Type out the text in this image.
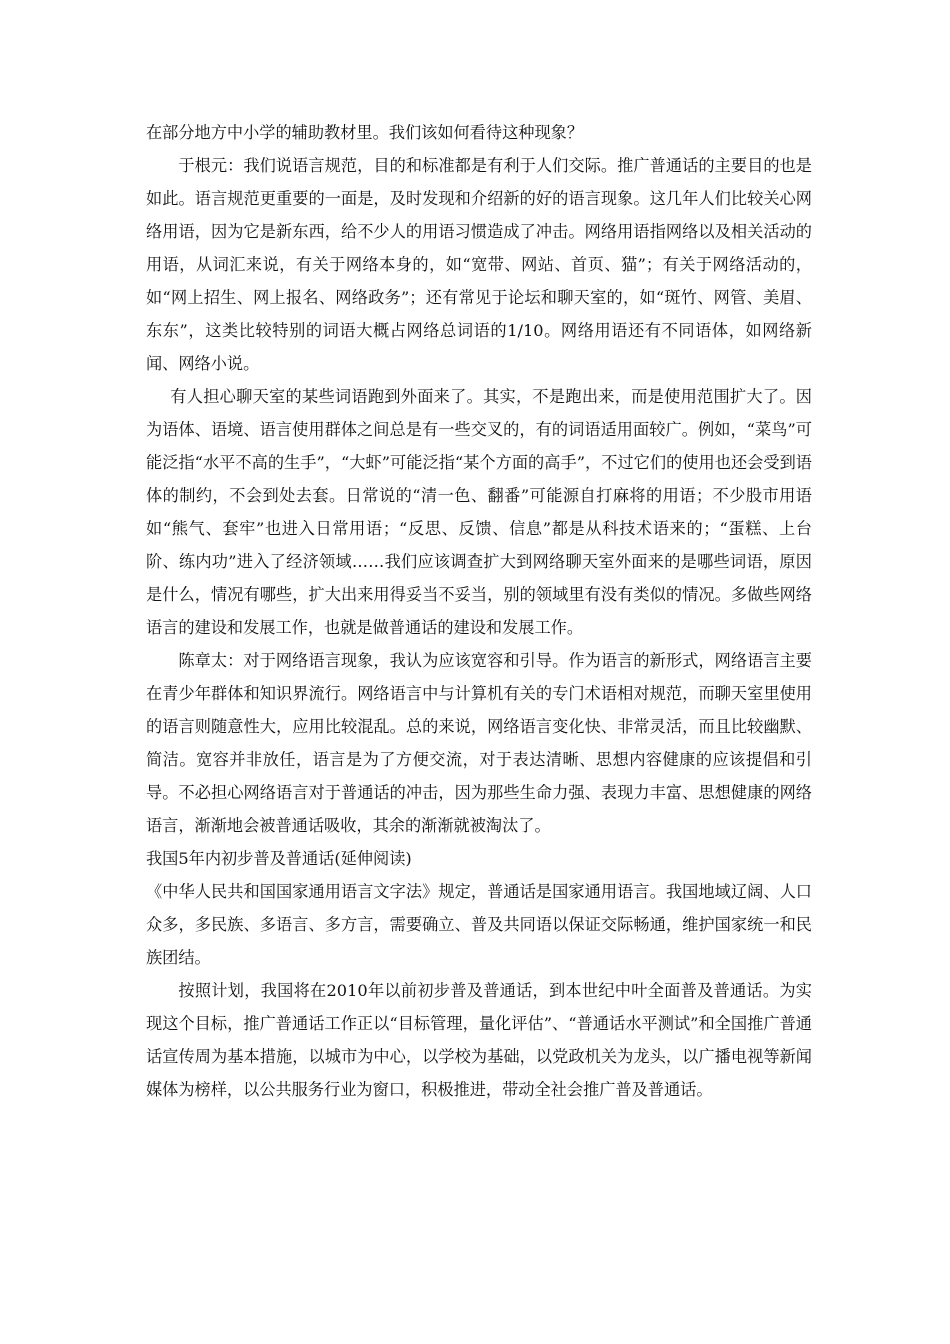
在部分地方中小学的辅助教材里。我们该如何看待这种现象？

于根元：我们说语言规范，目的和标准都是有利于人们交际。推广普通话的主要目的也是如此。语言规范更重要的一面是，及时发现和介绍新的好的语言现象。这几年人们比较关心网络用语，因为它是新东西，给不少人的用语习惯造成了冲击。网络用语指网络以及相关活动的用语，从词汇来说，有关于网络本身的，如“宽带、网站、首页、猫”；有关于网络活动的，如“网上招生、网上报名、网络政务”；还有常见于论坛和聊天室的，如“斑竹、网管、美眉、东东”，这类比较特别的词语大概占网络总词语的1/10。网络用语还有不同语体，如网络新闻、网络小说。

有人担心聊天室的某些词语跑到外面来了。其实，不是跑出来，而是使用范围扩大了。因为语体、语境、语言使用群体之间总是有一些交叉的，有的词语适用面较广。例如，“菜鸟”可能泛指“水平不高的生手”，“大虾”可能泛指“某个方面的高手”，不过它们的使用也还会受到语体的制约，不会到处去套。日常说的“清一色、翻番”可能源自打麻将的用语；不少股市用语如“熊气、套牢”也进入日常用语；“反思、反馈、信息”都是从科技术语来的；“蛋糕、上台阶、练内功”进入了经济领域……我们应该调查扩大到网络聊天室外面来的是哪些词语，原因是什么，情况有哪些，扩大出来用得妥当不妥当，别的领域里有没有类似的情况。多做些网络语言的建设和发展工作，也就是做普通话的建设和发展工作。

陈章太：对于网络语言现象，我认为应该宽容和引导。作为语言的新形式，网络语言主要在青少年群体和知识界流行。网络语言中与计算机有关的专门术语相对规范，而聊天室里使用的语言则随意性大，应用比较混乱。总的来说，网络语言变化快、非常灵活，而且比较幽默、简洁。宽容并非放任，语言是为了方便交流，对于表达清晰、思想内容健康的应该提倡和引导。不必担心网络语言对于普通话的冲击，因为那些生命力强、表现力丰富、思想健康的网络语言，渐渐地会被普通话吸收，其余的渐渐就被淘汰了。

我国5年内初步普及普通话(延伸阅读)

《中华人民共和国国家通用语言文字法》规定，普通话是国家通用语言。我国地域辽阔、人口众多，多民族、多语言、多方言，需要确立、普及共同语以保证交际畅通，维护国家统一和民族团结。

按照计划，我国将在2010年以前初步普及普通话，到本世纪中叶全面普及普通话。为实现这个目标，推广普通话工作正以“目标管理，量化评估”、“普通话水平测试”和全国推广普通话宣传周为基本措施，以城市为中心，以学校为基础，以党政机关为龙头，以广播电视等新闻媒体为榜样，以公共服务行业为窗口，积极推进，带动全社会推广普及普通话。
